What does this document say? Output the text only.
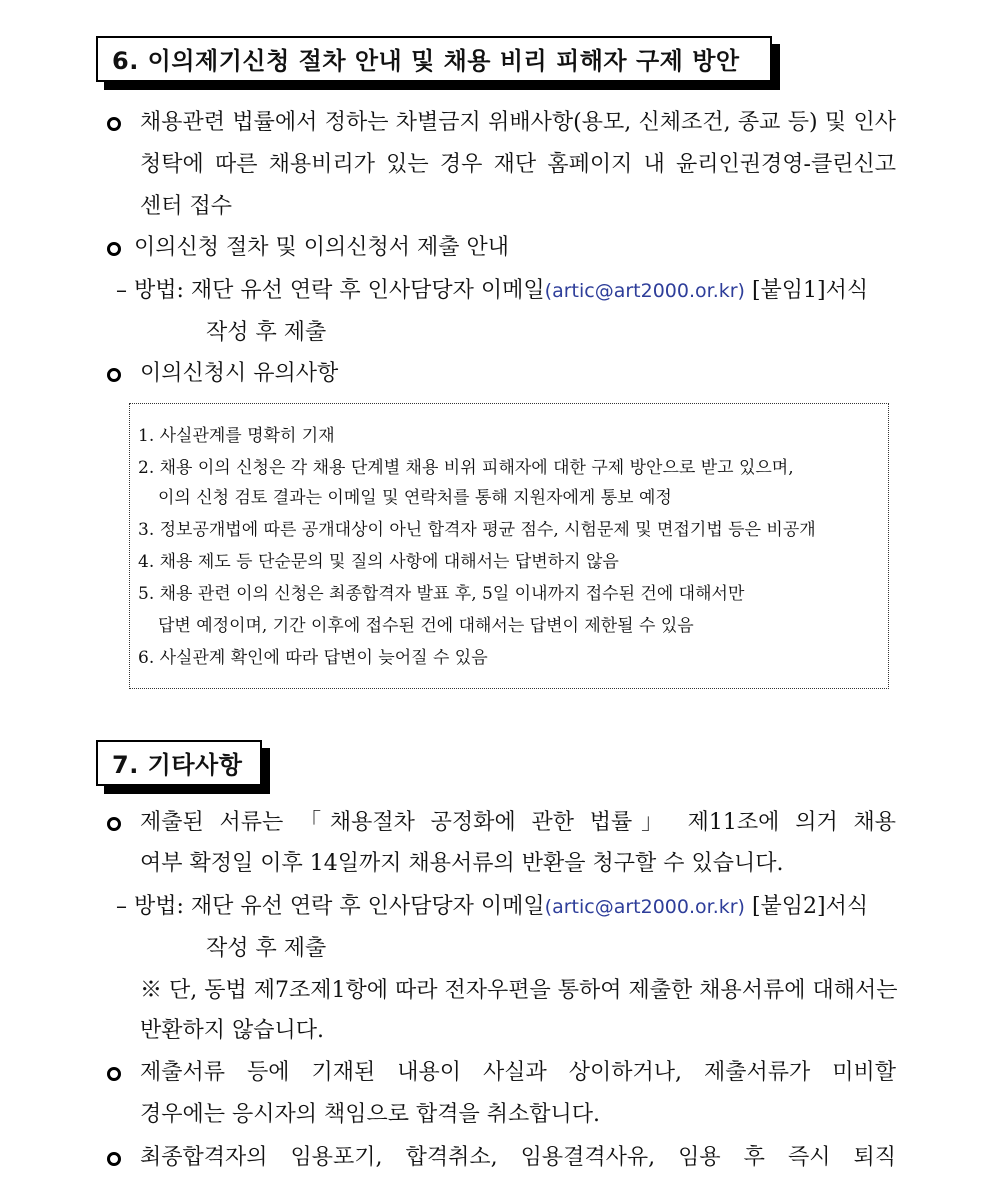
6. 이의제기신청 절차 안내 및 채용 비리 피해자 구제 방안
채용관련 법률에서 정하는 차별금지 위배사항(용모, 신체조건, 종교 등) 및 인사
청탁에 따른 채용비리가 있는 경우 재단 홈페이지 내 윤리인권경영-클린신고
센터 접수
이의신청 절차 및 이의신청서 제출 안내
– 방법: 재단 유선 연락 후 인사담당자 이메일(artic@art2000.or.kr) [붙임1]서식
작성 후 제출
이의신청시 유의사항
1. 사실관계를 명확히 기재
2. 채용 이의 신청은 각 채용 단계별 채용 비위 피해자에 대한 구제 방안으로 받고 있으며,
이의 신청 검토 결과는 이메일 및 연락처를 통해 지원자에게 통보 예정
3. 정보공개법에 따른 공개대상이 아닌 합격자 평균 점수, 시험문제 및 면접기법 등은 비공개
4. 채용 제도 등 단순문의 및 질의 사항에 대해서는 답변하지 않음
5. 채용 관련 이의 신청은 최종합격자 발표 후, 5일 이내까지 접수된 건에 대해서만
답변 예정이며, 기간 이후에 접수된 건에 대해서는 답변이 제한될 수 있음
6. 사실관계 확인에 따라 답변이 늦어질 수 있음
7. 기타사항
제출된 서류는 「채용절차 공정화에 관한 법률」 제11조에 의거 채용
여부 확정일 이후 14일까지 채용서류의 반환을 청구할 수 있습니다.
– 방법: 재단 유선 연락 후 인사담당자 이메일(artic@art2000.or.kr) [붙임2]서식
작성 후 제출
※ 단, 동법 제7조제1항에 따라 전자우편을 통하여 제출한 채용서류에 대해서는
반환하지 않습니다.
제출서류 등에 기재된 내용이 사실과 상이하거나, 제출서류가 미비할
경우에는 응시자의 책임으로 합격을 취소합니다.
최종합격자의 임용포기, 합격취소, 임용결격사유, 임용 후 즉시 퇴직
